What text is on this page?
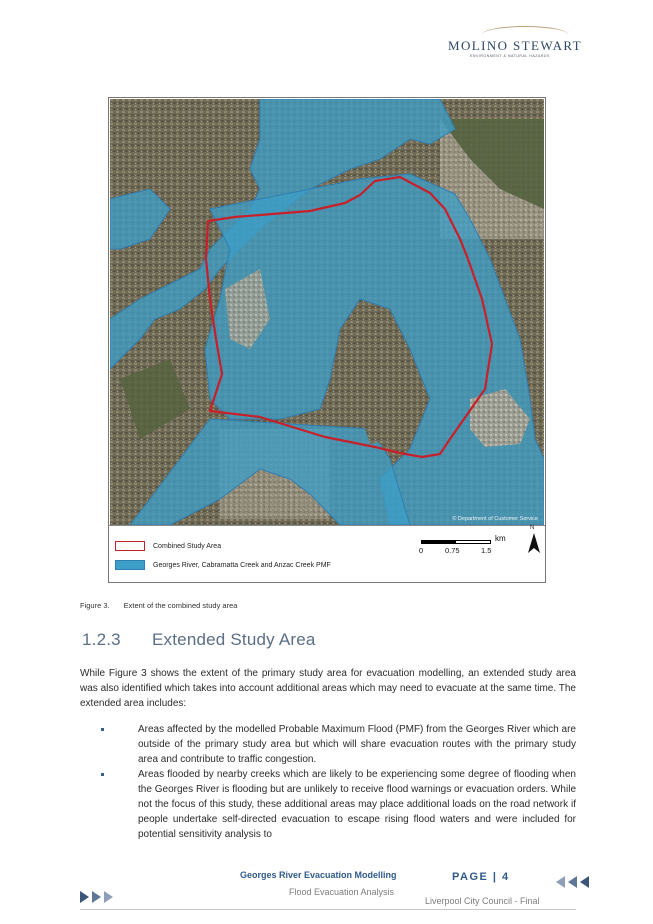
MOLINO STEWART
ENVIRONMENT & NATURAL HAZARDS
© Department of Customer Service
Combined Study Area
Georges River, Cabramatta Creek and Anzac Creek PMF
km
0	0.75	1.5
N
Figure 3. Extent of the combined study area
1.2.3 Extended Study Area
While Figure 3 shows the extent of the primary study area for evacuation modelling, an extended study area was also identified which takes into account additional areas which may need to evacuate at the same time. The extended area includes:
Areas affected by the modelled Probable Maximum Flood (PMF) from the Georges River which are outside of the primary study area but which will share evacuation routes with the primary study area and contribute to traffic congestion.
Areas flooded by nearby creeks which are likely to be experiencing some degree of flooding when the Georges River is flooding but are unlikely to receive flood warnings or evacuation orders. While not the focus of this study, these additional areas may place additional loads on the road network if people undertake self-directed evacuation to escape rising flood waters and were included for potential sensitivity analysis to
Georges River Evacuation Modelling	PAGE | 4
Flood Evacuation Analysis
Liverpool City Council - Final
